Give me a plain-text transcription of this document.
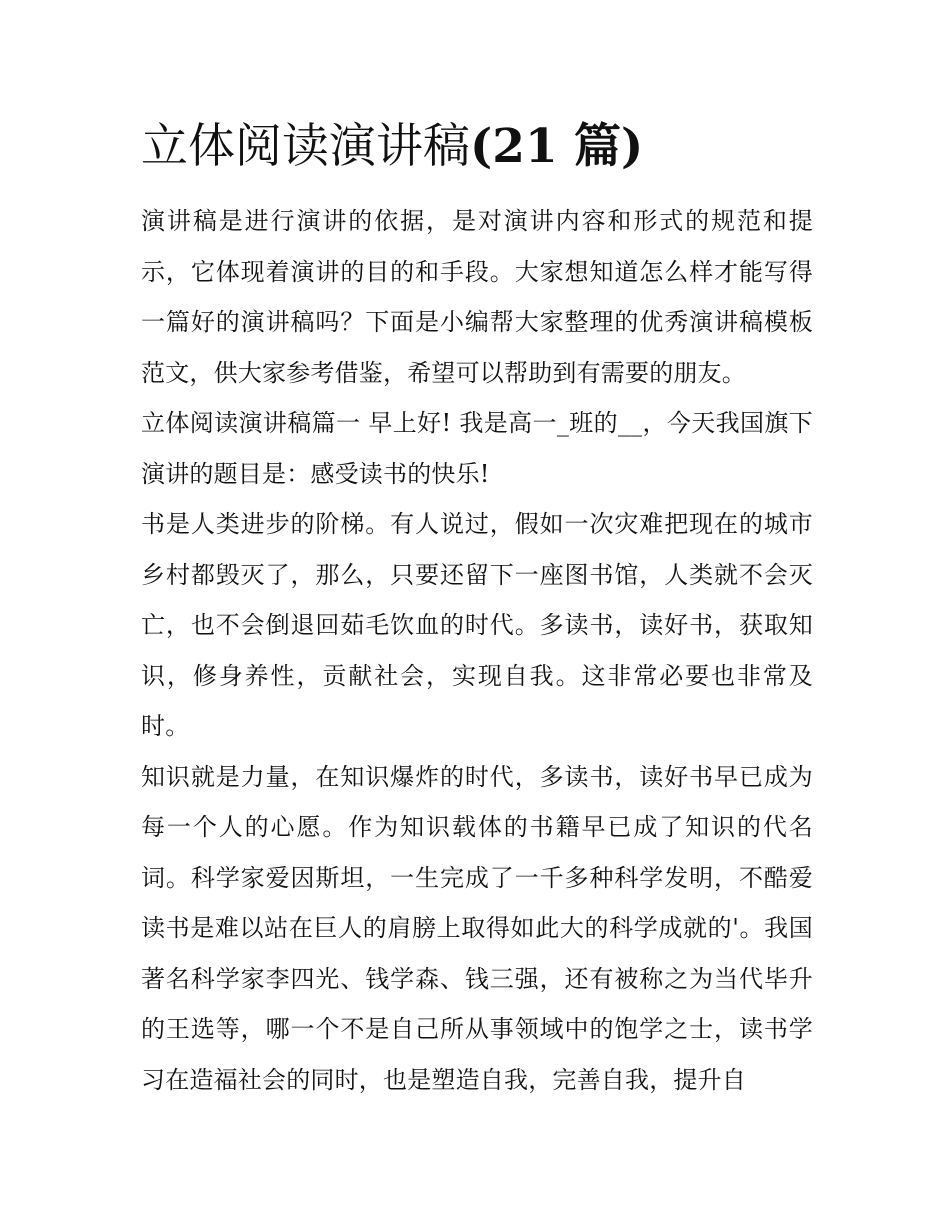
立体阅读演讲稿(21 篇)

演讲稿是进行演讲的依据，是对演讲内容和形式的规范和提示，它体现着演讲的目的和手段。大家想知道怎么样才能写得一篇好的演讲稿吗？下面是小编帮大家整理的优秀演讲稿模板范文，供大家参考借鉴，希望可以帮助到有需要的朋友。

立体阅读演讲稿篇一 早上好! 我是高一_班的__，今天我国旗下演讲的题目是：感受读书的快乐!

书是人类进步的阶梯。有人说过，假如一次灾难把现在的城市乡村都毁灭了，那么，只要还留下一座图书馆，人类就不会灭亡，也不会倒退回茹毛饮血的时代。多读书，读好书，获取知识，修身养性，贡献社会，实现自我。这非常必要也非常及时。

知识就是力量，在知识爆炸的时代，多读书，读好书早已成为每一个人的心愿。作为知识载体的书籍早已成了知识的代名词。科学家爱因斯坦，一生完成了一千多种科学发明，不酷爱读书是难以站在巨人的肩膀上取得如此大的科学成就的'。我国著名科学家李四光、钱学森、钱三强，还有被称之为当代毕升的王选等，哪一个不是自己所从事领域中的饱学之士，读书学习在造福社会的同时，也是塑造自我，完善自我，提升自
